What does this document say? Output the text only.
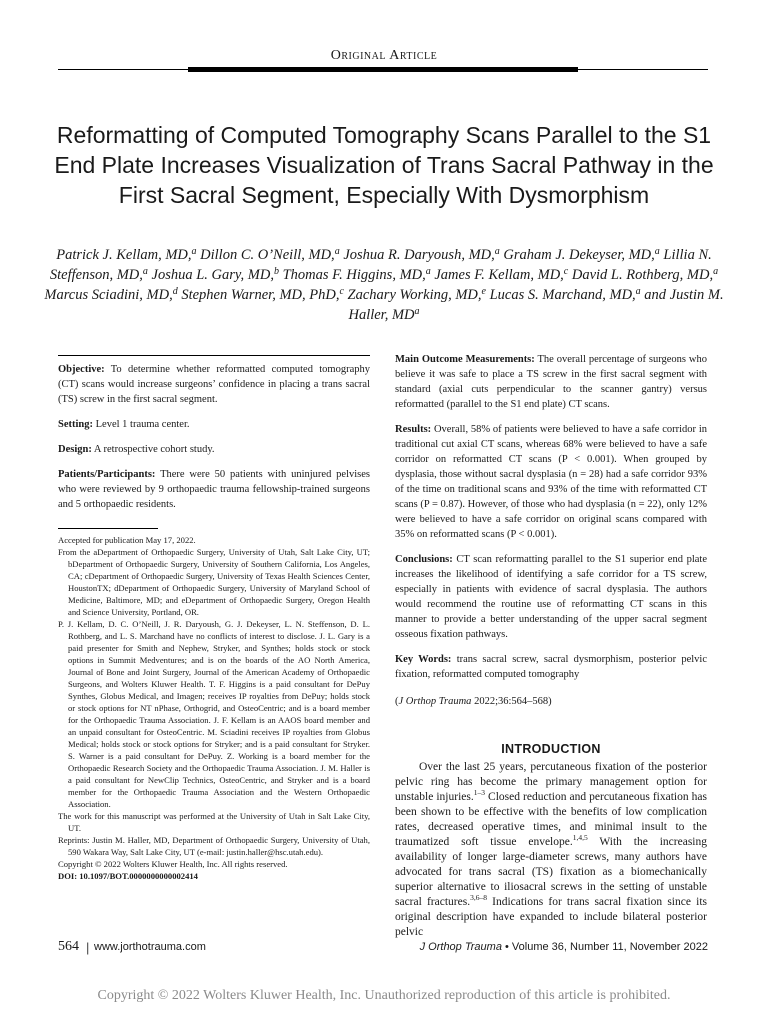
Original Article
Reformatting of Computed Tomography Scans Parallel to the S1 End Plate Increases Visualization of Trans Sacral Pathway in the First Sacral Segment, Especially With Dysmorphism
Patrick J. Kellam, MD,$^a$ Dillon C. O’Neill, MD,$^a$ Joshua R. Daryoush, MD,$^a$ Graham J. Dekeyser, MD,$^a$ Lillia N. Steffenson, MD,$^a$ Joshua L. Gary, MD,$^b$ Thomas F. Higgins, MD,$^a$ James F. Kellam, MD,$^c$ David L. Rothberg, MD,$^a$ Marcus Sciadini, MD,$^d$ Stephen Warner, MD, PhD,$^c$ Zachary Working, MD,$^e$ Lucas S. Marchand, MD,$^a$ and Justin M. Haller, MD$^a$

Objective: To determine whether reformatted computed tomography (CT) scans would increase surgeons’ confidence in placing a trans sacral (TS) screw in the first sacral segment.

Setting: Level 1 trauma center.

Design: A retrospective cohort study.

Patients/Participants: There were 50 patients with uninjured pelvises who were reviewed by 9 orthopaedic trauma fellowship-trained surgeons and 5 orthopaedic residents.

Accepted for publication May 17, 2022.

From the aDepartment of Orthopaedic Surgery, University of Utah, Salt Lake City, UT; bDepartment of Orthopaedic Surgery, University of Southern California, Los Angeles, CA; cDepartment of Orthopaedic Surgery, University of Texas Health Sciences Center, HoustonTX; dDepartment of Orthopaedic Surgery, University of Maryland School of Medicine, Baltimore, MD; and eDepartment of Orthopaedic Surgery, Oregon Health and Science University, Portland, OR.

P. J. Kellam, D. C. O’Neill, J. R. Daryoush, G. J. Dekeyser, L. N. Steffenson, D. L. Rothberg, and L. S. Marchand have no conflicts of interest to disclose. J. L. Gary is a paid presenter for Smith and Nephew, Stryker, and Synthes; holds stock or stock options in Summit Medventures; and is on the boards of the AO North America, Journal of Bone and Joint Surgery, Journal of the American Academy of Orthopaedic Surgeons, and Wolters Kluwer Health. T. F. Higgins is a paid consultant for DePuy Synthes, Globus Medical, and Imagen; receives IP royalties from DePuy; holds stock or stock options for NT nPhase, Orthogrid, and OsteoCentric; and is a board member for the Orthopaedic Trauma Association. J. F. Kellam is an AAOS board member and an unpaid consultant for OsteoCentric. M. Sciadini receives IP royalties from Globus Medical; holds stock or stock options for Stryker; and is a paid consultant for Stryker. S. Warner is a paid consultant for DePuy. Z. Working is a board member for the Orthopaedic Research Society and the Orthopaedic Trauma Association. J. M. Haller is a paid consultant for NewClip Technics, OsteoCentric, and Stryker and is a board member for the Orthopaedic Trauma Association and the Western Orthopaedic Association.

The work for this manuscript was performed at the University of Utah in Salt Lake City, UT.

Reprints: Justin M. Haller, MD, Department of Orthopaedic Surgery, University of Utah, 590 Wakara Way, Salt Lake City, UT (e-mail: justin.haller@hsc.utah.edu).

Copyright © 2022 Wolters Kluwer Health, Inc. All rights reserved.

DOI: 10.1097/BOT.0000000000002414

Main Outcome Measurements: The overall percentage of surgeons who believe it was safe to place a TS screw in the first sacral segment with standard (axial cuts perpendicular to the scanner gantry) versus reformatted (parallel to the S1 end plate) CT scans.

Results: Overall, 58% of patients were believed to have a safe corridor in traditional cut axial CT scans, whereas 68% were believed to have a safe corridor on reformatted CT scans (P < 0.001). When grouped by dysplasia, those without sacral dysplasia (n = 28) had a safe corridor 93% of the time on traditional scans and 93% of the time with reformatted CT scans (P = 0.87). However, of those who had dysplasia (n = 22), only 12% were believed to have a safe corridor on original scans compared with 35% on reformatted scans (P < 0.001).

Conclusions: CT scan reformatting parallel to the S1 superior end plate increases the likelihood of identifying a safe corridor for a TS screw, especially in patients with evidence of sacral dysplasia. The authors would recommend the routine use of reformatting CT scans in this manner to provide a better understanding of the upper sacral segment osseous fixation pathways.

Key Words: trans sacral screw, sacral dysmorphism, posterior pelvic fixation, reformatted computed tomography

(J Orthop Trauma 2022;36:564–568)

INTRODUCTION
Over the last 25 years, percutaneous fixation of the posterior pelvic ring has become the primary management option for unstable injuries.$^{1-3}$ Closed reduction and percutaneous fixation has been shown to be effective with the benefits of low complication rates, decreased operative times, and minimal insult to the traumatized soft tissue envelope.$^{1,4,5}$ With the increasing availability of longer large-diameter screws, many authors have advocated for trans sacral (TS) fixation as a biomechanically superior alternative to iliosacral screws in the setting of unstable sacral fractures.$^{3,6-8}$ Indications for trans sacral fixation since its original description have expanded to include bilateral posterior pelvic
564 | www.jorthotrauma.com	J Orthop Trauma • Volume 36, Number 11, November 2022
Copyright © 2022 Wolters Kluwer Health, Inc. Unauthorized reproduction of this article is prohibited.
